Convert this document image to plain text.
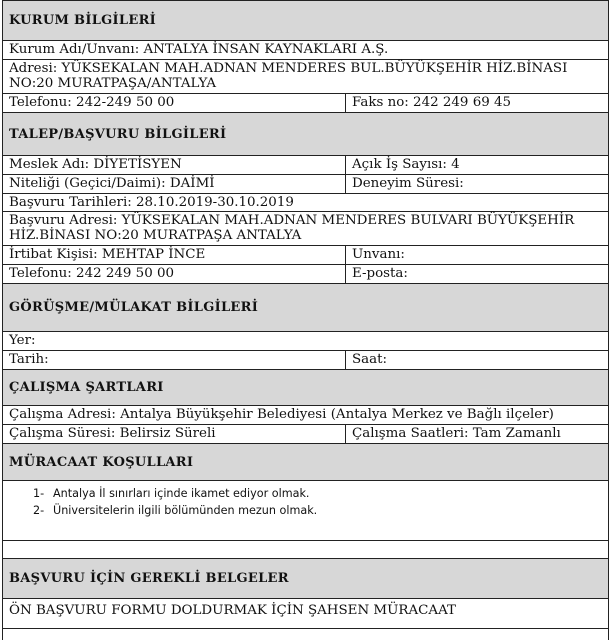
KURUM BİLGİLERİ
Kurum Adı/Unvanı: ANTALYA İNSAN KAYNAKLARI A.Ş.
Adresi: YÜKSEKALAN MAH.ADNAN MENDERES BUL.BÜYÜKŞEHİR HİZ.BİNASI NO:20 MURATPAŞA/ANTALYA
Telefonu: 242-249 50 00	Faks no: 242 249 69 45
TALEP/BAŞVURU BİLGİLERİ
Meslek Adı: DİYETİSYEN	Açık İş Sayısı: 4
Niteliği (Geçici/Daimi): DAİMİ	Deneyim Süresi:
Başvuru Tarihleri: 28.10.2019-30.10.2019
Başvuru Adresi: YÜKSEKALAN MAH.ADNAN MENDERES BULVARI BÜYÜKŞEHİR HİZ.BİNASI NO:20 MURATPAŞA ANTALYA
İrtibat Kişisi: MEHTAP İNCE	Unvanı:
Telefonu: 242 249 50 00	E-posta:
GÖRÜŞME/MÜLAKAT BİLGİLERİ
Yer:
Tarih:	Saat:
ÇALIŞMA ŞARTLARI
Çalışma Adresi: Antalya Büyükşehir Belediyesi (Antalya Merkez ve Bağlı ilçeler)
Çalışma Süresi: Belirsiz Süreli	Çalışma Saatleri: Tam Zamanlı
MÜRACAAT KOŞULLARI
1- Antalya İl sınırları içinde ikamet ediyor olmak.
2- Üniversitelerin ilgili bölümünden mezun olmak.
BAŞVURU İÇİN GEREKLİ BELGELER
ÖN BAŞVURU FORMU DOLDURMAK İÇİN ŞAHSEN MÜRACAAT
